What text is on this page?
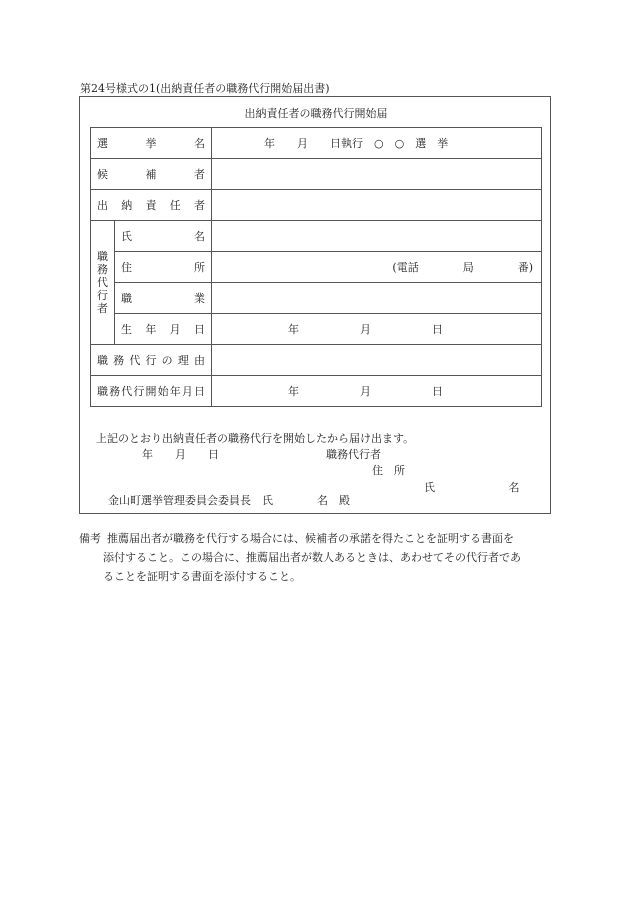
第24号様式の1(出納責任者の職務代行開始届出書)
出納責任者の職務代行開始届
選　挙　名		年　　月　　日執行　○　○　選　挙

候　補　者		
出　納　責　任　者		

職
務
代
行
者	氏　　名	
	住　　所	(電話　　　　局　　　　番)

	職　　業	
	生　年　月　日	年 月 日

職務代行の理由		
職務代行開始年月日		年 月 日
上記のとおり出納責任者の職務代行を開始したから届け出ます。
年　　月　　日	職務代行者
住　所
氏	名
金山町選挙管理委員会委員長　氏　　　　名　殿
備考 推薦届出者が職務を代行する場合には、候補者の承諾を得たことを証明する書面を
添付すること。この場合に、推薦届出者が数人あるときは、あわせてその代行者であ
ることを証明する書面を添付すること。
